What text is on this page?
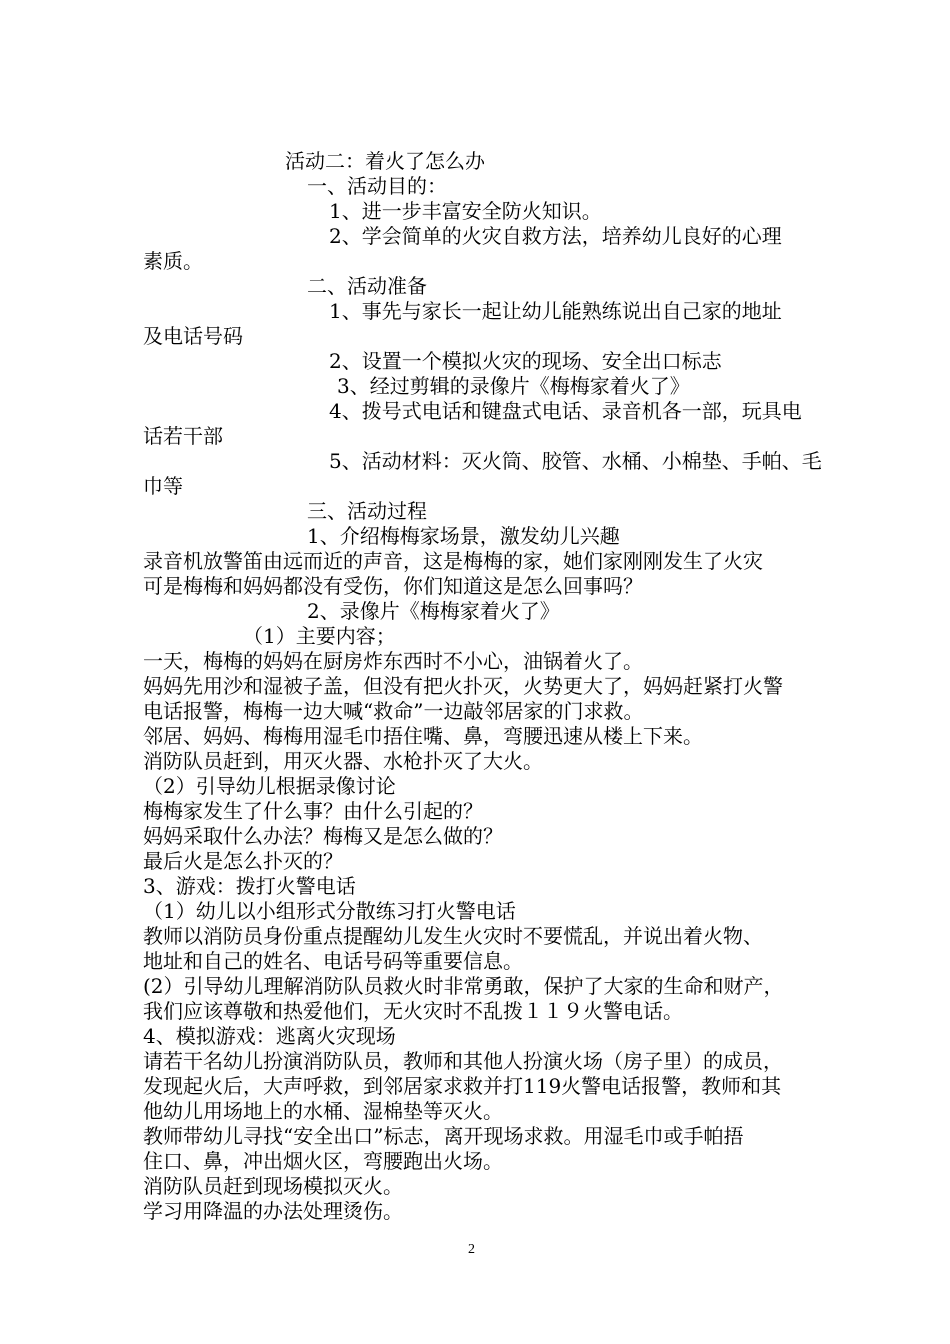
活动二：着火了怎么办
一、活动目的：
1、进一步丰富安全防火知识。
2、学会简单的火灾自救方法，培养幼儿良好的心理
素质。
二、活动准备
1、事先与家长一起让幼儿能熟练说出自己家的地址
及电话号码
2、设置一个模拟火灾的现场、安全出口标志
3、经过剪辑的录像片《梅梅家着火了》
4、拨号式电话和键盘式电话、录音机各一部，玩具电
话若干部
5、活动材料：灭火筒、胶管、水桶、小棉垫、手帕、毛
巾等
三、活动过程
1、介绍梅梅家场景，激发幼儿兴趣
录音机放警笛由远而近的声音，这是梅梅的家，她们家刚刚发生了火灾
可是梅梅和妈妈都没有受伤，你们知道这是怎么回事吗？
2、录像片《梅梅家着火了》
（1）主要内容；
一天，梅梅的妈妈在厨房炸东西时不小心，油锅着火了。
妈妈先用沙和湿被子盖，但没有把火扑灭，火势更大了，妈妈赶紧打火警
电话报警，梅梅一边大喊“救命”一边敲邻居家的门求救。
邻居、妈妈、梅梅用湿毛巾捂住嘴、鼻，弯腰迅速从楼上下来。
消防队员赶到，用灭火器、水枪扑灭了大火。
（2）引导幼儿根据录像讨论
梅梅家发生了什么事？由什么引起的？
妈妈采取什么办法？梅梅又是怎么做的？
最后火是怎么扑灭的？
3、游戏：拨打火警电话
（1）幼儿以小组形式分散练习打火警电话
教师以消防员身份重点提醒幼儿发生火灾时不要慌乱，并说出着火物、
地址和自己的姓名、电话号码等重要信息。
(2）引导幼儿理解消防队员救火时非常勇敢，保护了大家的生命和财产，
我们应该尊敬和热爱他们，无火灾时不乱拨１１９火警电话。
4、模拟游戏：逃离火灾现场
请若干名幼儿扮演消防队员，教师和其他人扮演火场（房子里）的成员，
发现起火后，大声呼救，到邻居家求救并打119火警电话报警，教师和其
他幼儿用场地上的水桶、湿棉垫等灭火。
教师带幼儿寻找“安全出口”标志，离开现场求救。用湿毛巾或手帕捂
住口、鼻，冲出烟火区，弯腰跑出火场。
消防队员赶到现场模拟灭火。
学习用降温的办法处理烫伤。
2
